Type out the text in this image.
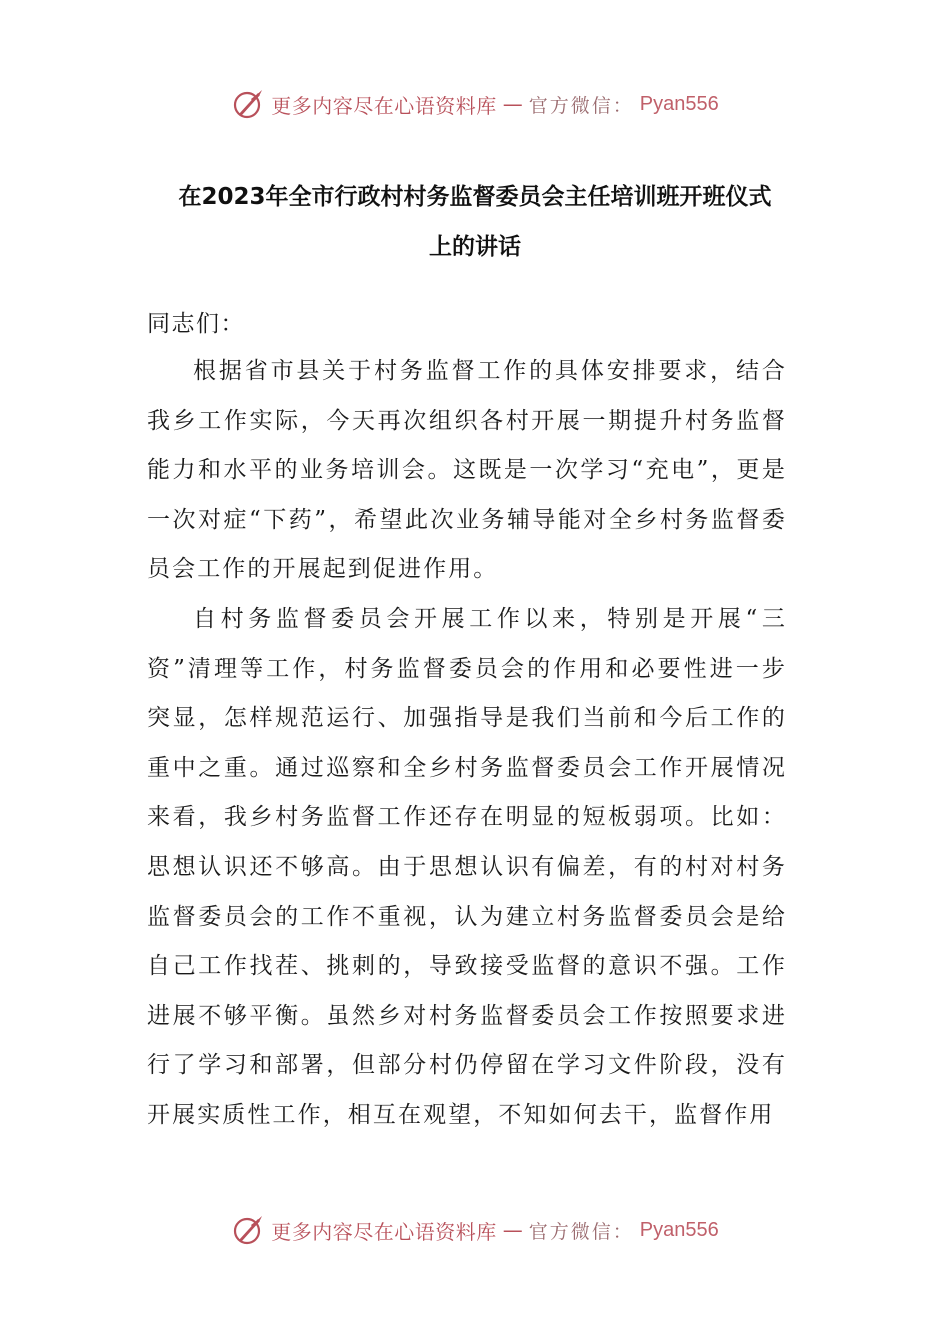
更多内容尽在心语资料库 — 官方微信： Pyan556
在2023年全市行政村村务监督委员会主任培训班开班仪式
上的讲话
同志们：

根据省市县关于村务监督工作的具体安排要求，结合我乡工作实际，今天再次组织各村开展一期提升村务监督能力和水平的业务培训会。这既是一次学习“充电”，更是一次对症“下药”，希望此次业务辅导能对全乡村务监督委员会工作的开展起到促进作用。

自村务监督委员会开展工作以来，特别是开展“三资”清理等工作，村务监督委员会的作用和必要性进一步突显，怎样规范运行、加强指导是我们当前和今后工作的重中之重。通过巡察和全乡村务监督委员会工作开展情况来看，我乡村务监督工作还存在明显的短板弱项。比如：思想认识还不够高。由于思想认识有偏差，有的村对村务监督委员会的工作不重视，认为建立村务监督委员会是给自己工作找茬、挑刺的，导致接受监督的意识不强。工作进展不够平衡。虽然乡对村务监督委员会工作按照要求进行了学习和部署，但部分村仍停留在学习文件阶段，没有开展实质性工作，相互在观望，不知如何去干，监督作用

更多内容尽在心语资料库 — 官方微信： Pyan556
